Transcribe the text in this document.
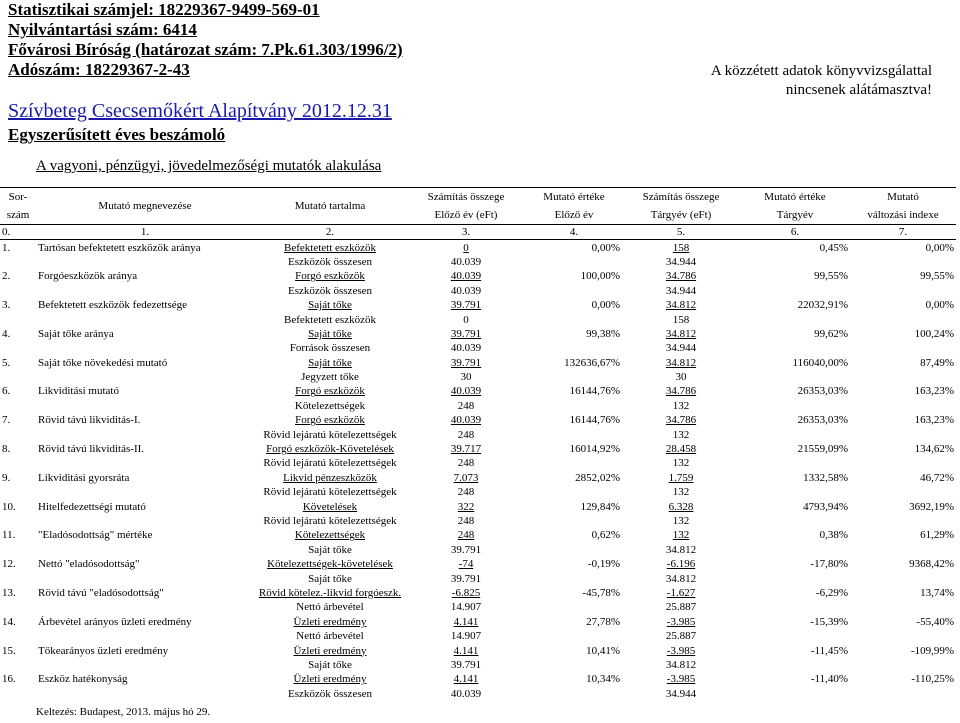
Statisztikai számjel: 18229367-9499-569-01
Nyilvántartási szám: 6414
Fővárosi Bíróság (határozat szám: 7.Pk.61.303/1996/2)
Adószám: 18229367-2-43
Szívbeteg Csecsemőkért Alapítvány 2012.12.31
Egyszerűsített éves beszámoló
A közzétett adatok könyvvizsgálattal
nincsenek alátámasztva!
A vagyoni, pénzügyi, jövedelmezőségi mutatók alakulása
Sor-	Mutató megnevezése	Mutató tartalma	Számítás összege	Mutató értéke	Számítás összege	Mutató értéke	Mutató
szám			Előző év (eFt)	Előző év	Tárgyév (eFt)	Tárgyév	változási indexe
0.	1.	2.	3.	4.	5.	6.	7.
1.	Tartósan befektetett eszközök aránya	Befektetett eszközök	0	0,00%	158	0,45%	0,00%
		Eszközök összesen	40.039		34.944		
2.	Forgóeszközök aránya	Forgó eszközök	40.039	100,00%	34.786	99,55%	99,55%
		Eszközök összesen	40.039		34.944		
3.	Befektetett eszközök fedezettsége	Saját tőke	39.791	0,00%	34.812	22032,91%	0,00%
		Befektetett eszközök	0		158		
4.	Saját tőke aránya	Saját tőke	39.791	99,38%	34.812	99,62%	100,24%
		Források összesen	40.039		34.944		
5.	Saját tőke növekedési mutató	Saját tőke	39.791	132636,67%	34.812	116040,00%	87,49%
		Jegyzett tőke	30		30		
6.	Likviditási mutató	Forgó eszközök	40.039	16144,76%	34.786	26353,03%	163,23%
		Kötelezettségek	248		132		
7.	Rövid távú likviditás-I.	Forgó eszközök	40.039	16144,76%	34.786	26353,03%	163,23%
		Rövid lejáratú kötelezettségek	248		132		
8.	Rövid távú likviditás-II.	Forgó eszközök-Követelések	39.717	16014,92%	28.458	21559,09%	134,62%
		Rövid lejáratú kötelezettségek	248		132		
9.	Likviditási gyorsráta	Likvid pénzeszközök	7.073	2852,02%	1.759	1332,58%	46,72%
		Rövid lejáratú kötelezettségek	248		132		
10.	Hitelfedezettségi mutató	Követelések	322	129,84%	6.328	4793,94%	3692,19%
		Rövid lejáratú kötelezettségek	248		132		
11.	"Eladósodottság" mértéke	Kötelezettségek	248	0,62%	132	0,38%	61,29%
		Saját tőke	39.791		34.812		
12.	Nettó "eladósodottság"	Kötelezettségek-követelések	-74	-0,19%	-6.196	-17,80%	9368,42%
		Saját tőke	39.791		34.812		
13.	Rövid távú "eladósodottság"	Rövid kötelez.-likvid forgóeszk.	-6.825	-45,78%	-1.627	-6,29%	13,74%
		Nettó árbevétel	14.907		25.887		
14.	Árbevétel arányos üzleti eredmény	Üzleti eredmény	4.141	27,78%	-3.985	-15,39%	-55,40%
		Nettó árbevétel	14.907		25.887		
15.	Tőkearányos üzleti eredmény	Üzleti eredmény	4.141	10,41%	-3.985	-11,45%	-109,99%
		Saját tőke	39.791		34.812		
16.	Eszköz hatékonyság	Üzleti eredmény	4.141	10,34%	-3.985	-11,40%	-110,25%
		Eszközök összesen	40.039		34.944		
Keltezés: Budapest, 2013. május hó 29.
